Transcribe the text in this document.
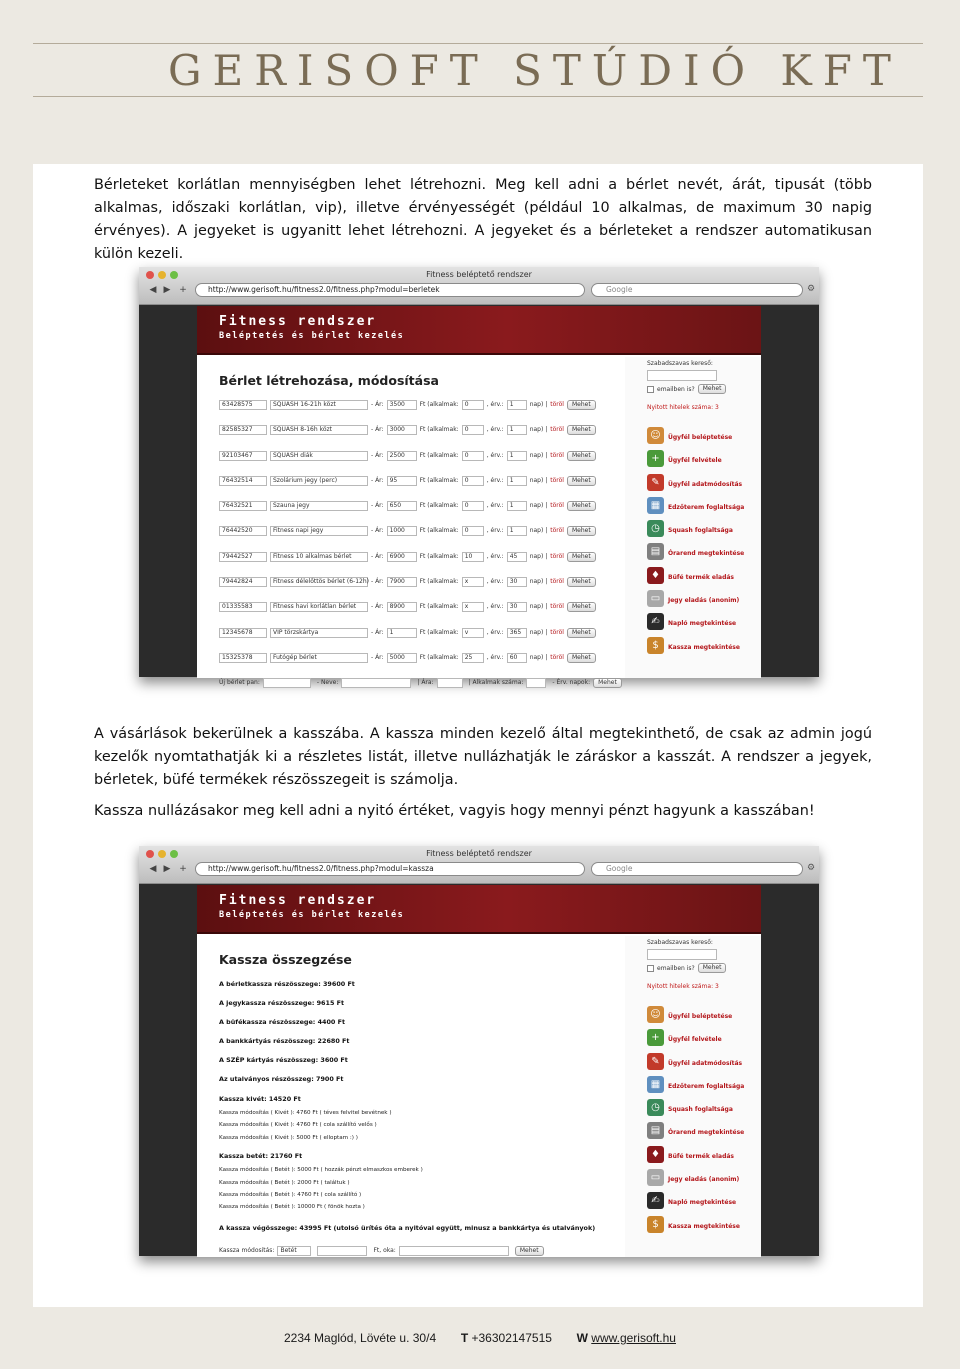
GERISOFT STÚDIÓ KFT

Bérleteket korlátlan mennyiségben lehet létrehozni. Meg kell adni a bérlet nevét, árát, tipusát (több alkalmas, időszaki korlátlan, vip), illetve érvényességét (például 10 alkalmas, de maximum 30 napig érvényes). A jegyeket is ugyanitt lehet létrehozni. A jegyeket és a bérleteket a rendszer automatikusan külön kezeli.

Fitness beléptető rendszer
◀ ▶ +	http://www.gerisoft.hu/fitness2.0/fitness.php?modul=berletek	Google	⚙
Fitness rendszer
Beléptetés és bérlet kezelés
Bérlet létrehozása, módosítása
63428575	SQUASH 16-21h közt	- Ár:	3500	Ft (alkalmak:	0	, érv.:	1	nap) | töröl	Mehet
82585327	SQUASH 8-16h közt	- Ár:	3000	Ft (alkalmak:	0	, érv.:	1	nap) | töröl	Mehet
92103467	SQUASH diák	- Ár:	2500	Ft (alkalmak:	0	, érv.:	1	nap) | töröl	Mehet
76432514	Szolárium jegy (perc)	- Ár:	95	Ft (alkalmak:	0	, érv.:	1	nap) | töröl	Mehet
76432521	Szauna jegy	- Ár:	650	Ft (alkalmak:	0	, érv.:	1	nap) | töröl	Mehet
76442520	Fitness napi jegy	- Ár:	1000	Ft (alkalmak:	0	, érv.:	1	nap) | töröl	Mehet
79442527	Fitness 10 alkalmas bérlet	- Ár:	6900	Ft (alkalmak:	10	, érv.:	45	nap) | töröl	Mehet
79442824	Fitness délelőttös bérlet (6-12h) - Ár:	7900	Ft (alkalmak:	x	, érv.:	30	nap) | töröl	Mehet
01335583	Fitness havi korlátlan bérlet	- Ár:	8900	Ft (alkalmak:	x	, érv.:	30	nap) | töröl	Mehet
12345678	VIP törzskártya	- Ár:	1	Ft (alkalmak:	v	, érv.:	365	nap) | töröl	Mehet
15325378	Futógép bérlet	- Ár:	5000	Ft (alkalmak:	25	, érv.:	60	nap) | töröl	Mehet
Új bérlet pan:	- Neve:	| Ára:	| Alkalmak száma:	- Érv. napok:	Mehet
Szabadszavas kereső:
emailben is?	Mehet
Nyitott hitelek száma: 3
☺	Ügyfél beléptetése
+	Ügyfél felvétele
✎	Ügyfél adatmódosítás
▦	Edzőterem foglaltsága
◷	Squash foglaltsága
▤	Órarend megtekintése
♦	Büfé termék eladás
▭	Jegy eladás (anonim)
✍	Napló megtekintése
$	Kassza megtekintése

A vásárlások bekerülnek a kasszába. A kassza minden kezelő által megtekinthető, de csak az admin jogú kezelők nyomtathatják ki a részletes listát, illetve nullázhatják le záráskor a kasszát. A rendszer a jegyek, bérletek, büfé termékek részösszegeit is számolja.

Kassza nullázásakor meg kell adni a nyitó értéket, vagyis hogy mennyi pénzt hagyunk a kasszában!

Fitness beléptető rendszer
◀ ▶ +	http://www.gerisoft.hu/fitness2.0/fitness.php?modul=kassza	Google	⚙
Fitness rendszer
Beléptetés és bérlet kezelés
Kassza összegzése
A bérletkassza részösszege: 39600 Ft
A jegykassza részösszege: 9615 Ft
A büfékassza részösszege: 4400 Ft
A bankkártyás részösszeg: 22680 Ft
A SZÉP kártyás részösszeg: 3600 Ft
Az utalványos részösszeg: 7900 Ft
Kassza kivét: 14520 Ft
Kassza módosítás ( Kivét ): 4760 Ft ( téves felvitel bevétnek )
Kassza módosítás ( Kivét ): 4760 Ft ( cola szállító velős )
Kassza módosítás ( Kivét ): 5000 Ft ( elloptam :) )
Kassza betét: 21760 Ft
Kassza módosítás ( Betét ): 5000 Ft ( hozzák pénzt elmaszkos emberek )
Kassza módosítás ( Betét ): 2000 Ft ( találtuk )
Kassza módosítás ( Betét ): 4760 Ft ( cola szállító )
Kassza módosítás ( Betét ): 10000 Ft ( fönök hozta )
A kassza végösszege: 43995 Ft (utolsó ürítés óta a nyitóval együtt, minusz a bankkártya és utalványok)
Kassza módosítás:	Betét	Ft, oka:	Mehet
Szabadszavas kereső:
emailben is?	Mehet
Nyitott hitelek száma: 3
☺	Ügyfél beléptetése
+	Ügyfél felvétele
✎	Ügyfél adatmódosítás
▦	Edzőterem foglaltsága
◷	Squash foglaltsága
▤	Órarend megtekintése
♦	Büfé termék eladás
▭	Jegy eladás (anonim)
✍	Napló megtekintése
$	Kassza megtekintése
2234 Maglód, Lövéte u. 30/4 T +36302147515 W www.gerisoft.hu
